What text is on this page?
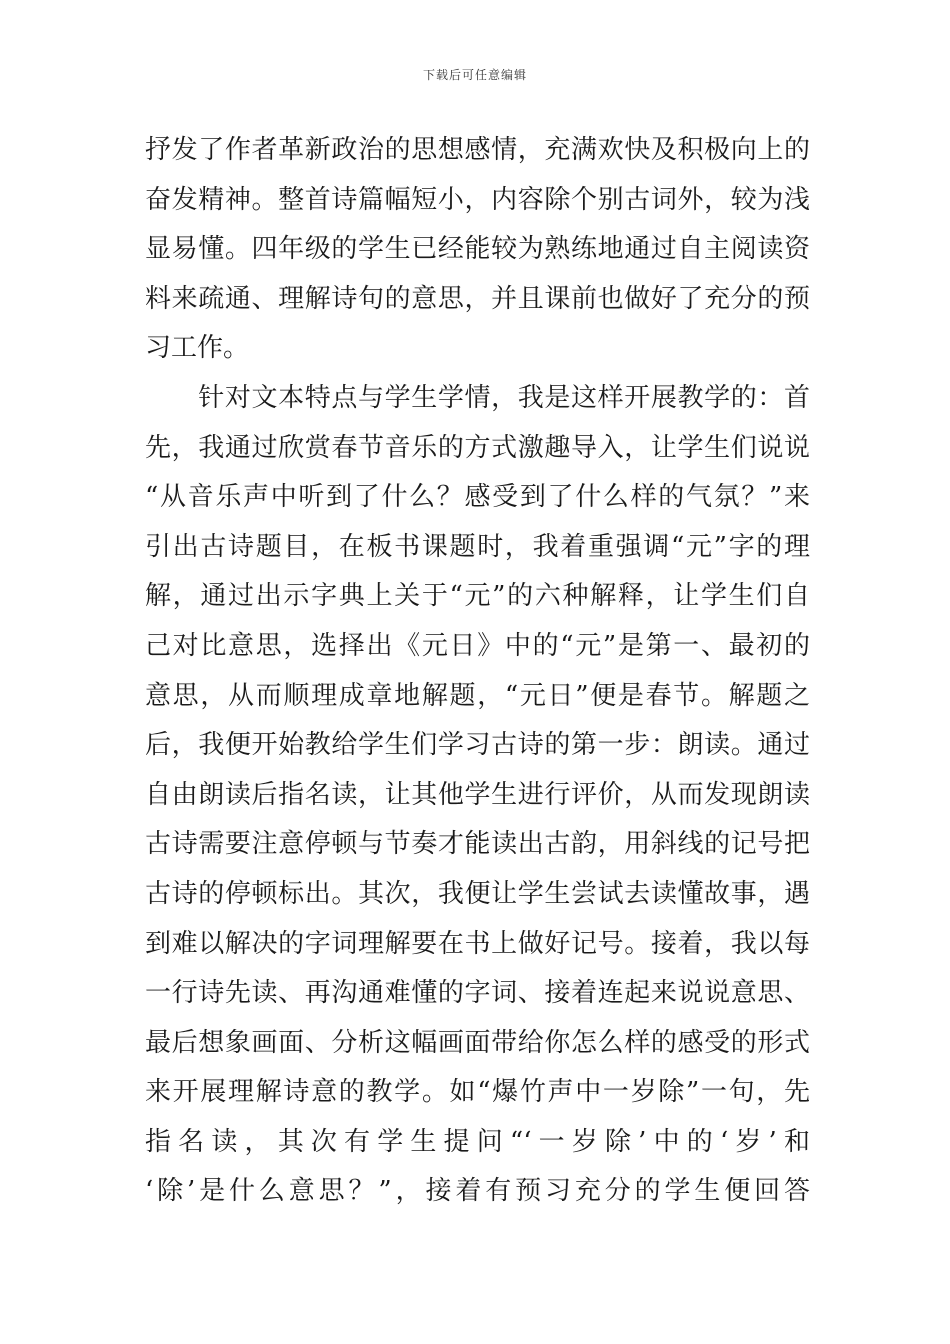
下载后可任意编辑
抒发了作者革新政治的思想感情，充满欢快及积极向上的
奋发精神。整首诗篇幅短小，内容除个别古词外，较为浅
显易懂。四年级的学生已经能较为熟练地通过自主阅读资
料来疏通、理解诗句的意思，并且课前也做好了充分的预
习工作。
　　针对文本特点与学生学情，我是这样开展教学的：首
先，我通过欣赏春节音乐的方式激趣导入，让学生们说说
“从音乐声中听到了什么？感受到了什么样的气氛？”来
引出古诗题目，在板书课题时，我着重强调“元”字的理
解，通过出示字典上关于“元”的六种解释，让学生们自
己对比意思，选择出《元日》中的“元”是第一、最初的
意思，从而顺理成章地解题，“元日”便是春节。解题之
后，我便开始教给学生们学习古诗的第一步：朗读。通过
自由朗读后指名读，让其他学生进行评价，从而发现朗读
古诗需要注意停顿与节奏才能读出古韵，用斜线的记号把
古诗的停顿标出。其次，我便让学生尝试去读懂故事，遇
到难以解决的字词理解要在书上做好记号。接着，我以每
一行诗先读、再沟通难懂的字词、接着连起来说说意思、
最后想象画面、分析这幅画面带给你怎么样的感受的形式
来开展理解诗意的教学。如“爆竹声中一岁除”一句，先
指名读，其次有学生提问“‘一岁除’中的‘岁’和
‘除’是什么意思？”，接着有预习充分的学生便回答
